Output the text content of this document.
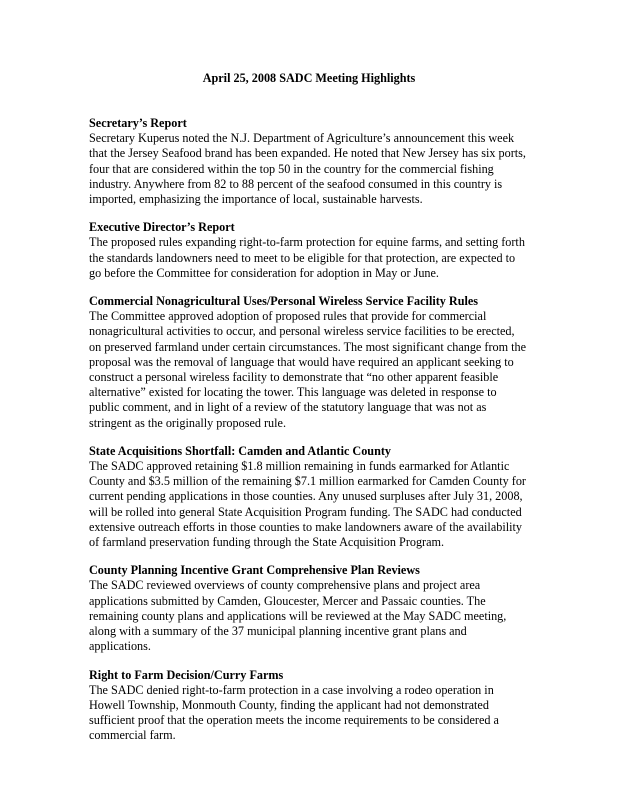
April 25, 2008 SADC Meeting Highlights

Secretary’s Report

Secretary Kuperus noted the N.J. Department of Agriculture’s announcement this week
that the Jersey Seafood brand has been expanded. He noted that New Jersey has six ports,
four that are considered within the top 50 in the country for the commercial fishing
industry. Anywhere from 82 to 88 percent of the seafood consumed in this country is
imported, emphasizing the importance of local, sustainable harvests.

Executive Director’s Report

The proposed rules expanding right-to-farm protection for equine farms, and setting forth
the standards landowners need to meet to be eligible for that protection, are expected to
go before the Committee for consideration for adoption in May or June.

Commercial Nonagricultural Uses/Personal Wireless Service Facility Rules

The Committee approved adoption of proposed rules that provide for commercial
nonagricultural activities to occur, and personal wireless service facilities to be erected,
on preserved farmland under certain circumstances. The most significant change from the
proposal was the removal of language that would have required an applicant seeking to
construct a personal wireless facility to demonstrate that “no other apparent feasible
alternative” existed for locating the tower. This language was deleted in response to
public comment, and in light of a review of the statutory language that was not as
stringent as the originally proposed rule.

State Acquisitions Shortfall: Camden and Atlantic County

The SADC approved retaining $1.8 million remaining in funds earmarked for Atlantic
County and $3.5 million of the remaining $7.1 million earmarked for Camden County for
current pending applications in those counties. Any unused surpluses after July 31, 2008,
will be rolled into general State Acquisition Program funding. The SADC had conducted
extensive outreach efforts in those counties to make landowners aware of the availability
of farmland preservation funding through the State Acquisition Program.

County Planning Incentive Grant Comprehensive Plan Reviews

The SADC reviewed overviews of county comprehensive plans and project area
applications submitted by Camden, Gloucester, Mercer and Passaic counties. The
remaining county plans and applications will be reviewed at the May SADC meeting,
along with a summary of the 37 municipal planning incentive grant plans and
applications.

Right to Farm Decision/Curry Farms

The SADC denied right-to-farm protection in a case involving a rodeo operation in
Howell Township, Monmouth County, finding the applicant had not demonstrated
sufficient proof that the operation meets the income requirements to be considered a
commercial farm.
